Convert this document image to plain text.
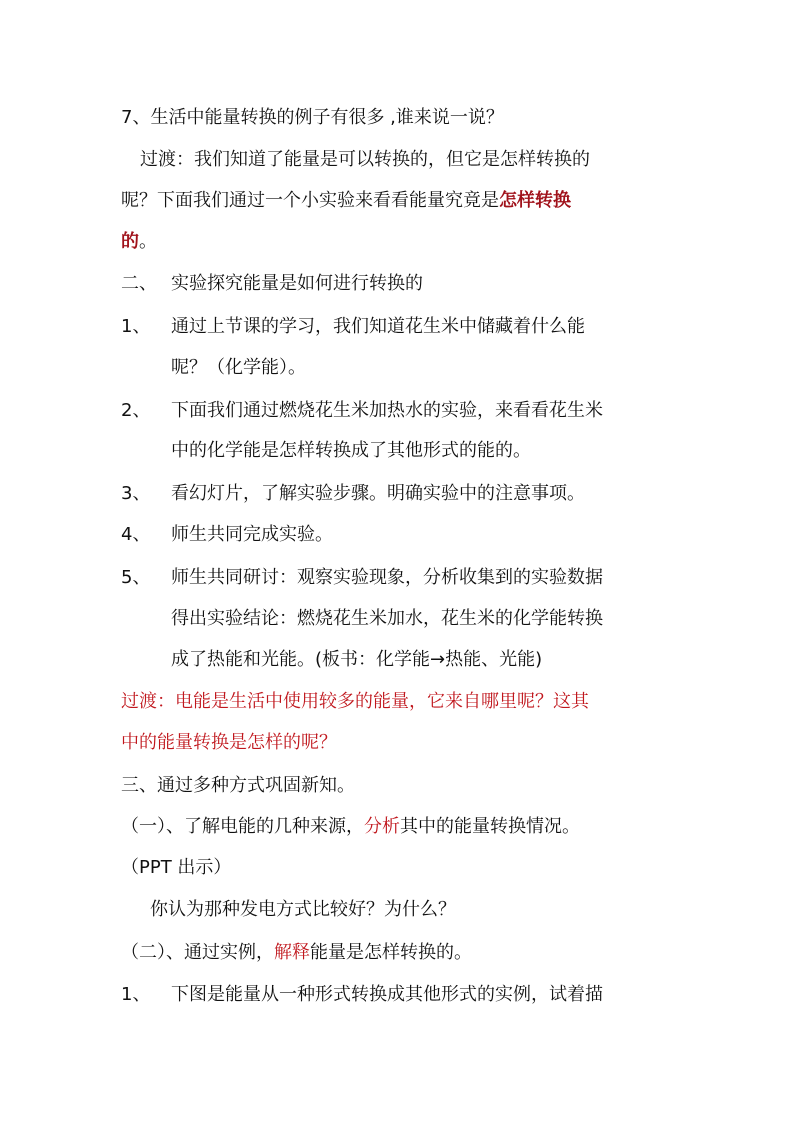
7、生活中能量转换的例子有很多 ,谁来说一说？
过渡：我们知道了能量是可以转换的，但它是怎样转换的
呢？下面我们通过一个小实验来看看能量究竟是怎样转换
的。
二、 实验探究能量是如何进行转换的
1、 通过上节课的学习，我们知道花生米中储藏着什么能
呢？（化学能）。
2、 下面我们通过燃烧花生米加热水的实验，来看看花生米
中的化学能是怎样转换成了其他形式的能的。
3、 看幻灯片，了解实验步骤。明确实验中的注意事项。
4、 师生共同完成实验。
5、 师生共同研讨：观察实验现象，分析收集到的实验数据
得出实验结论：燃烧花生米加水，花生米的化学能转换
成了热能和光能。(板书：化学能→热能、光能)
过渡：电能是生活中使用较多的能量，它来自哪里呢？这其
中的能量转换是怎样的呢？
三、通过多种方式巩固新知。
（一）、了解电能的几种来源，分析其中的能量转换情况。
（PPT 出示）
你认为那种发电方式比较好？为什么？
（二）、通过实例，解释能量是怎样转换的。
1、 下图是能量从一种形式转换成其他形式的实例，试着描
